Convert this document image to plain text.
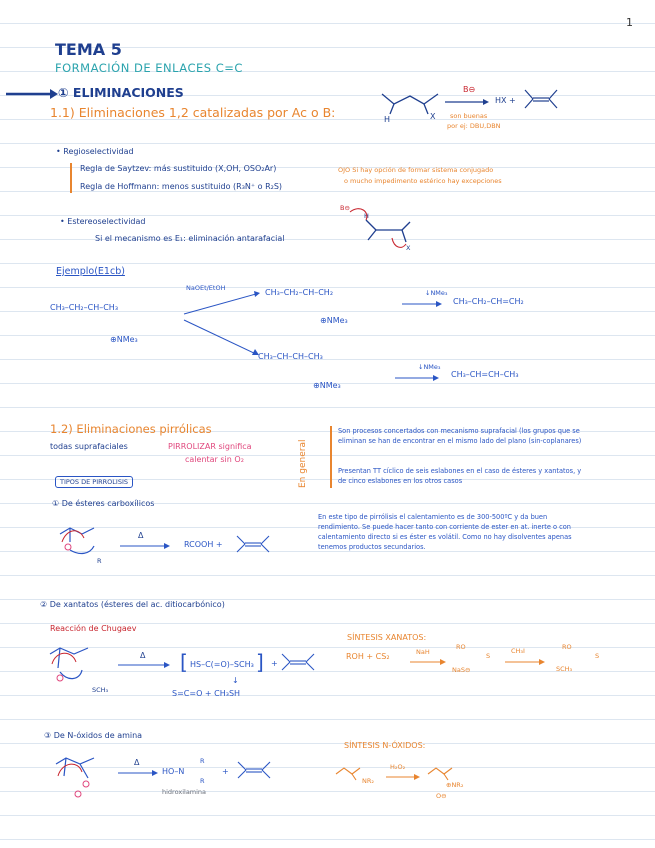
1
TEMA 5
FORMACIÓN DE ENLACES C=C
① ELIMINACIONES
1.1) Eliminaciones 1,2 catalizadas por Ac o B:	H	X
B⊖
→ HX +
son buenas
por ej: DBU,DBN
• Regioselectividad
Regla de Saytzev: más sustituido (X,OH, OSO₂Ar)
Regla de Hoffmann: menos sustituido (R₃N⁺ o R₂S)
OJO Si hay opción de formar sistema conjugado
o mucho impedimento estérico hay excepciones
• Estereoselectividad
Si el mecanismo es E₁: eliminación antarafacial
B⊖
H
X
Ejemplo(E1cb)
CH₃–CH₂–CH–CH₃
⊕NMe₃
NaOEt/EtOH	CH₃–CH₂–CH–CH₂
⊕NMe₃
CH₃–CH–CH–CH₃
⊕NMe₃
↓NMe₃
→ CH₃–CH₂–CH=CH₂
↓NMe₃
→ CH₃–CH=CH–CH₃
1.2) Eliminaciones pirrólicas
todas suprafaciales	PIRROLIZAR significa
calentar sin O₂	En general
Son procesos concertados con mecanismo suprafacial (los grupos que se eliminan se han de encontrar en el mismo lado del plano (sin-coplanares)
Presentan TT cíclico de seis eslabones en el caso de ésteres y xantatos, y de cinco eslabones en los otros casos
TIPOS DE PIRROLISIS
① De ésteres carboxílicos
R
Δ
→ RCOOH +
En este tipo de pirrólisis el calentamiento es de 300-500ºC y da buen rendimiento. Se puede hacer tanto con corriente de ester en at. inerte o con calentamiento directo si es éster es volátil. Como no hay disolventes apenas tenemos productos secundarios.
② De xantatos (ésteres del ac. ditiocarbónico)
Reacción de Chugaev
SCH₃
Δ → [ HS–C(=O)–SCH₃ ] +
↓
S=C=O + CH₃SH
SÍNTESIS XANATOS:
ROH + CS₂	NaH
RO
S
NaS⊖
CH₃I	RO
S
SCH₃
③ De N-óxidos de amina
Δ
→ HO–N
R
R
hidroxilamina
+
SÍNTESIS N-ÓXIDOS:
NR₂
H₂O₂
⊕NR₂
O⊖
